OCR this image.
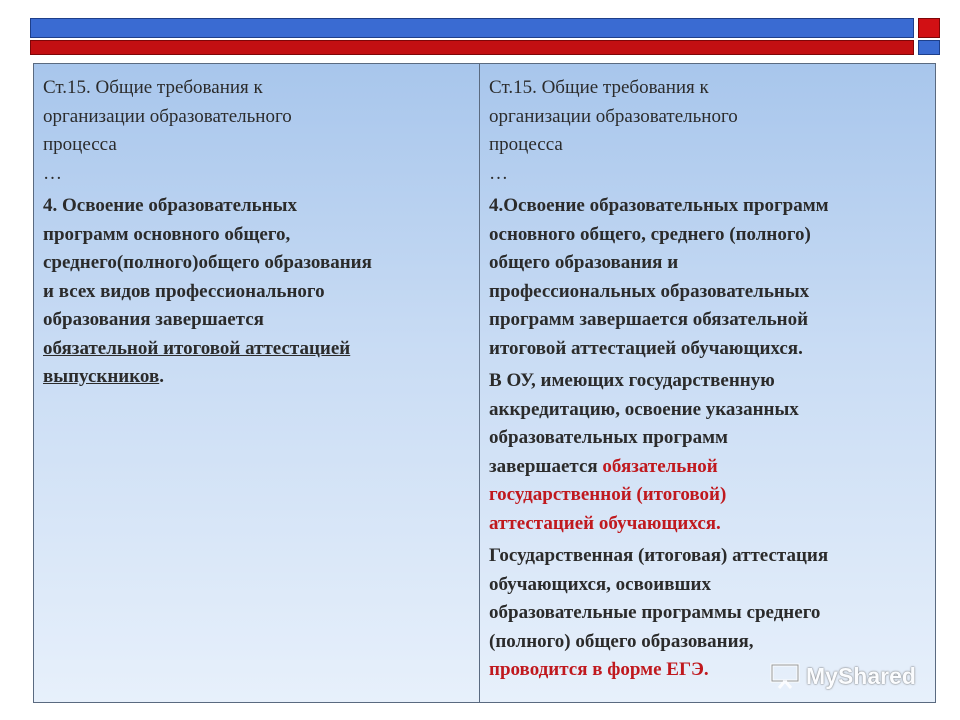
Ст.15. Общие требования к

организации образовательного

процесса

…

4. Освоение образовательных

программ основного общего,

среднего(полного)общего образования

и всех видов профессионального

образования завершается

обязательной итоговой аттестацией

выпускников.

Ст.15. Общие требования к

организации образовательного

процесса

…

4.Освоение образовательных программ

основного общего, среднего (полного)

общего образования и

профессиональных образовательных

программ завершается обязательной

итоговой аттестацией обучающихся.

В ОУ, имеющих государственную

аккредитацию, освоение указанных

образовательных программ

завершается обязательной

государственной (итоговой)

аттестацией обучающихся.

Государственная (итоговая) аттестация

обучающихся, освоивших

образовательные программы среднего

(полного) общего образования,

проводится в форме ЕГЭ.	MyShared
